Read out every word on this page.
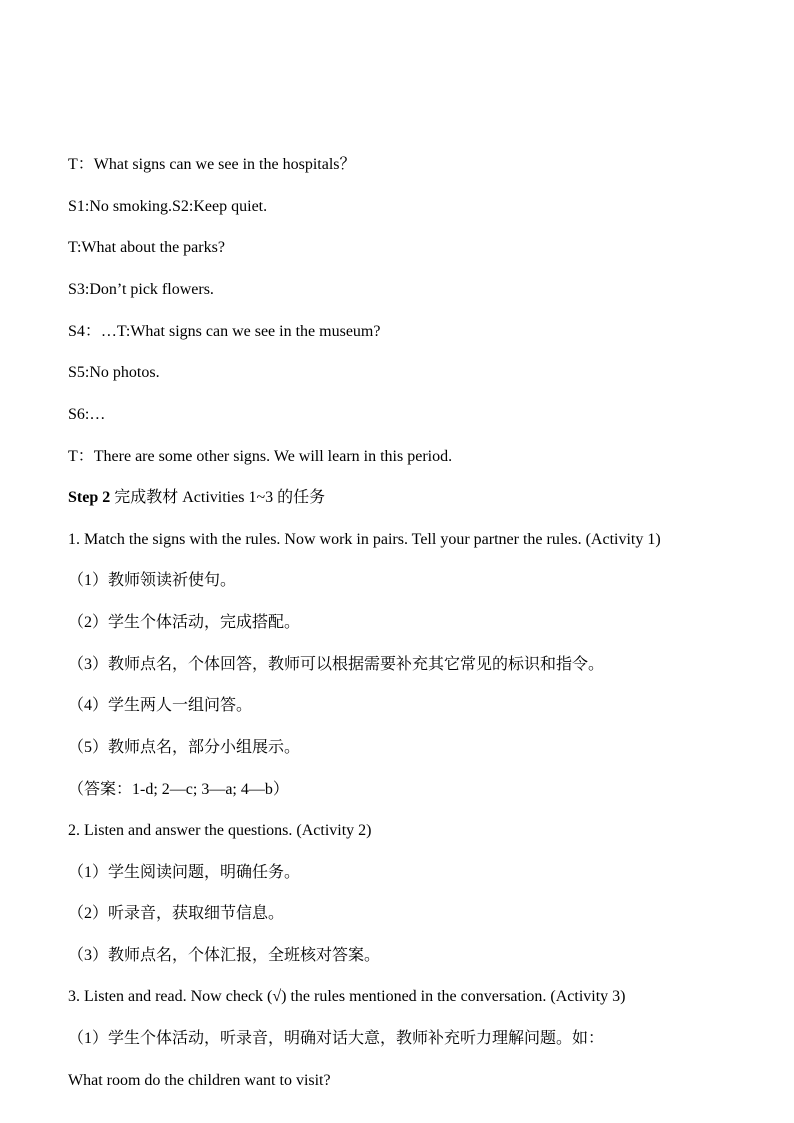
T：What signs can we see in the hospitals？
S1:No smoking.S2:Keep quiet.
T:What about the parks?
S3:Don’t pick flowers.
S4：…T:What signs can we see in the museum?
S5:No photos.
S6:…
T：There are some other signs. We will learn in this period.
Step 2 完成教材 Activities 1~3 的任务
1. Match the signs with the rules. Now work in pairs. Tell your partner the rules. (Activity 1)
（1）教师领读祈使句。
（2）学生个体活动，完成搭配。
（3）教师点名，个体回答，教师可以根据需要补充其它常见的标识和指令。
（4）学生两人一组问答。
（5）教师点名，部分小组展示。
（答案：1-d; 2—c; 3—a; 4—b）
2. Listen and answer the questions. (Activity 2)
（1）学生阅读问题，明确任务。
（2）听录音，获取细节信息。
（3）教师点名，个体汇报，全班核对答案。
3. Listen and read. Now check (√) the rules mentioned in the conversation. (Activity 3)
（1）学生个体活动，听录音，明确对话大意，教师补充听力理解问题。如：
What room do the children want to visit?
